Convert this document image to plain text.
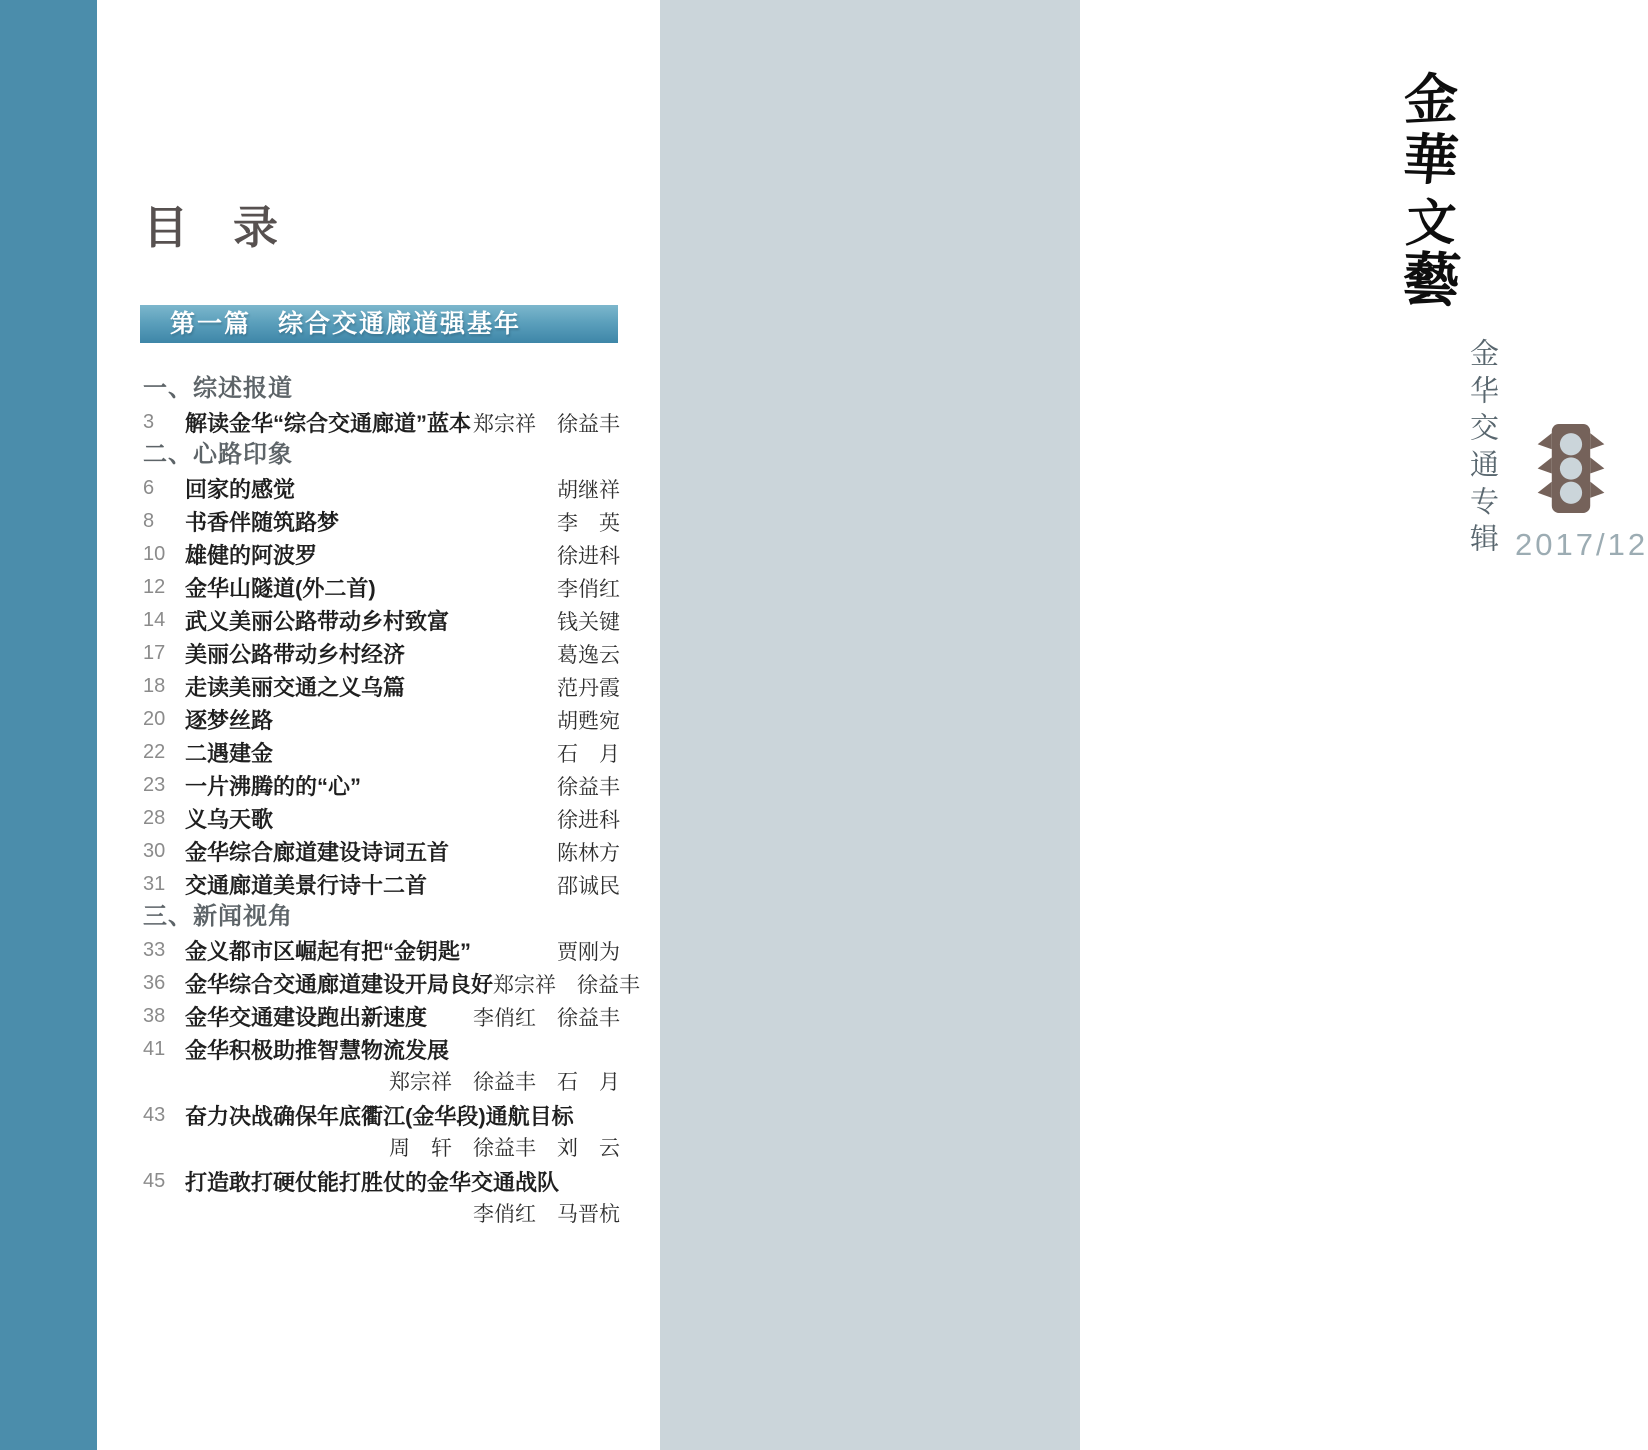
金
華
文
藝
金华交通专辑 2017/12
目　录
第一篇　综合交通廊道强基年
一、综述报道
3	解读金华“综合交通廊道”蓝本 郑宗祥　徐益丰
二、心路印象
6	回家的感觉	胡继祥
8	书香伴随筑路梦	李　英
10 雄健的阿波罗	徐进科
12 金华山隧道(外二首)	李俏红
14 武义美丽公路带动乡村致富	钱关键
17 美丽公路带动乡村经济	葛逸云
18 走读美丽交通之义乌篇	范丹霞
20 逐梦丝路	胡甦宛
22 二遇建金	石　月
23 一片沸腾的的“心”	徐益丰
28 义乌天歌	徐进科
30 金华综合廊道建设诗词五首	陈林方
31 交通廊道美景行诗十二首	邵诚民
三、新闻视角
33 金义都市区崛起有把“金钥匙”	贾刚为
36 金华综合交通廊道建设开局良好 郑宗祥　徐益丰
38 金华交通建设跑出新速度	李俏红　徐益丰
41 金华积极助推智慧物流发展
郑宗祥　徐益丰　石　月
43 奋力决战确保年底衢江(金华段)通航目标
周　轩　徐益丰　刘　云
45 打造敢打硬仗能打胜仗的金华交通战队
李俏红　马晋杭
